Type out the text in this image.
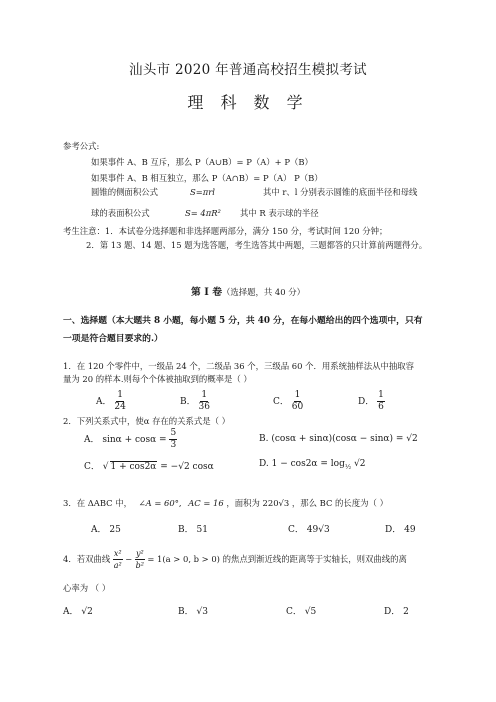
汕头市 2020 年普通高校招生模拟考试
理 科 数 学
参考公式:
如果事件 A、B 互斥，那么 P（A∪B）= P（A）+ P（B）
如果事件 A、B 相互独立，那么 P（A∩B）= P（A） P（B）
圆锥的侧面积公式	S=πrl	其中 r、l 分别表示圆锥的底面半径和母线
球的表面积公式	S= 4πR² 其中 R 表示球的半径
考生注意：1．本试卷分选择题和非选择题两部分，满分 150 分，考试时间 120 分钟；
2．第 13 题、14 题、15 题为选答题，考生选答其中两题，三题都答的只计算前两题得分。
第 I 卷（选择题，共 40 分）
一、选择题（本大题共 8 小题，每小题 5 分，共 40 分，在每小题给出的四个选项中，只有
一项是符合题目要求的.）
1．在 120 个零件中，一级品 24 个，二级品 36 个，三级品 60 个．用系统抽样法从中抽取容
量为 20 的样本.则每个个体被抽取到的概率是（ ）
A． $\frac{1}{24}$	B． $\frac{1}{36}$	C． $\frac{1}{60}$	D． $\frac{1}{6}$
2．下列关系式中，使α 存在的关系式是（ ）
A． $\sin\alpha + \cos\alpha = \frac{5}{3}$	B. (cosα + sinα)(cosα − sinα) = √2
C． √ 1 + cos2α = −√2 cosα	D. $1 - \cos 2\alpha = \log_{\frac{1}{2}} √2$
3．在 ΔABC 中， ∠A = 60°, AC = 16 ，面积为 220√3 ，那么 BC 的长度为（ ）
A． 25	B． 51	C． 49√3	D． 49
4．若双曲线 $\frac{\text{x²}}{\text{a²}} - \frac{\text{y²}}{\text{b²}} = 1(a > 0$, b > 0) 的焦点到渐近线的距离等于实轴长，则双曲线的离
心率为 （ ）
A． √2	B． √3	C． √5	D． 2
